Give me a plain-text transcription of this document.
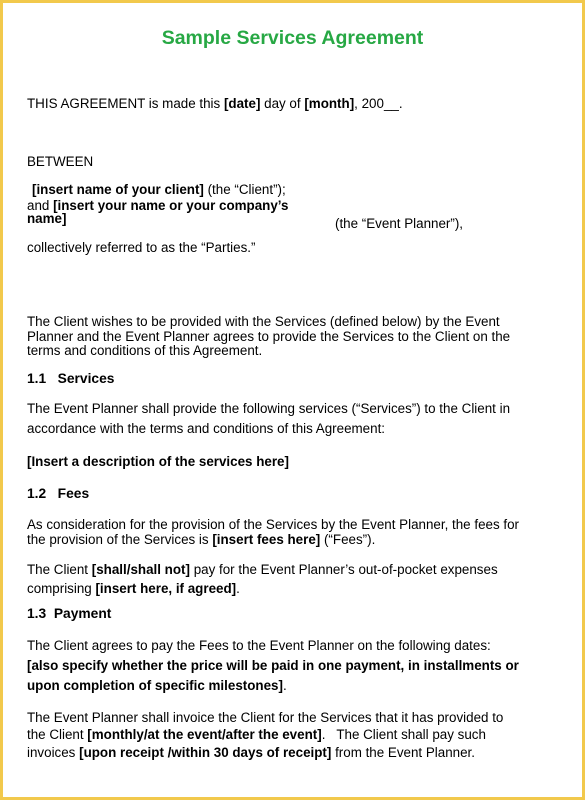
Sample Services Agreement

THIS AGREEMENT is made this [date] day of [month], 200__.

BETWEEN

[insert name of your client] (the “Client”);

and [insert your name or your company’s

name]	(the “Event Planner”),

collectively referred to as the “Parties.”

The Client wishes to be provided with the Services (defined below) by the Event

Planner and the Event Planner agrees to provide the Services to the Client on the

terms and conditions of this Agreement.

1.1   Services

The Event Planner shall provide the following services (“Services”) to the Client in

accordance with the terms and conditions of this Agreement:

[Insert a description of the services here]

1.2   Fees

As consideration for the provision of the Services by the Event Planner, the fees for

the provision of the Services is [insert fees here] (“Fees”).

The Client [shall/shall not] pay for the Event Planner’s out-of-pocket expenses

comprising [insert here, if agreed].

1.3  Payment

The Client agrees to pay the Fees to the Event Planner on the following dates:

[also specify whether the price will be paid in one payment, in installments or

upon completion of specific milestones].

The Event Planner shall invoice the Client for the Services that it has provided to

the Client [monthly/at the event/after the event].   The Client shall pay such

invoices [upon receipt /within 30 days of receipt] from the Event Planner.
